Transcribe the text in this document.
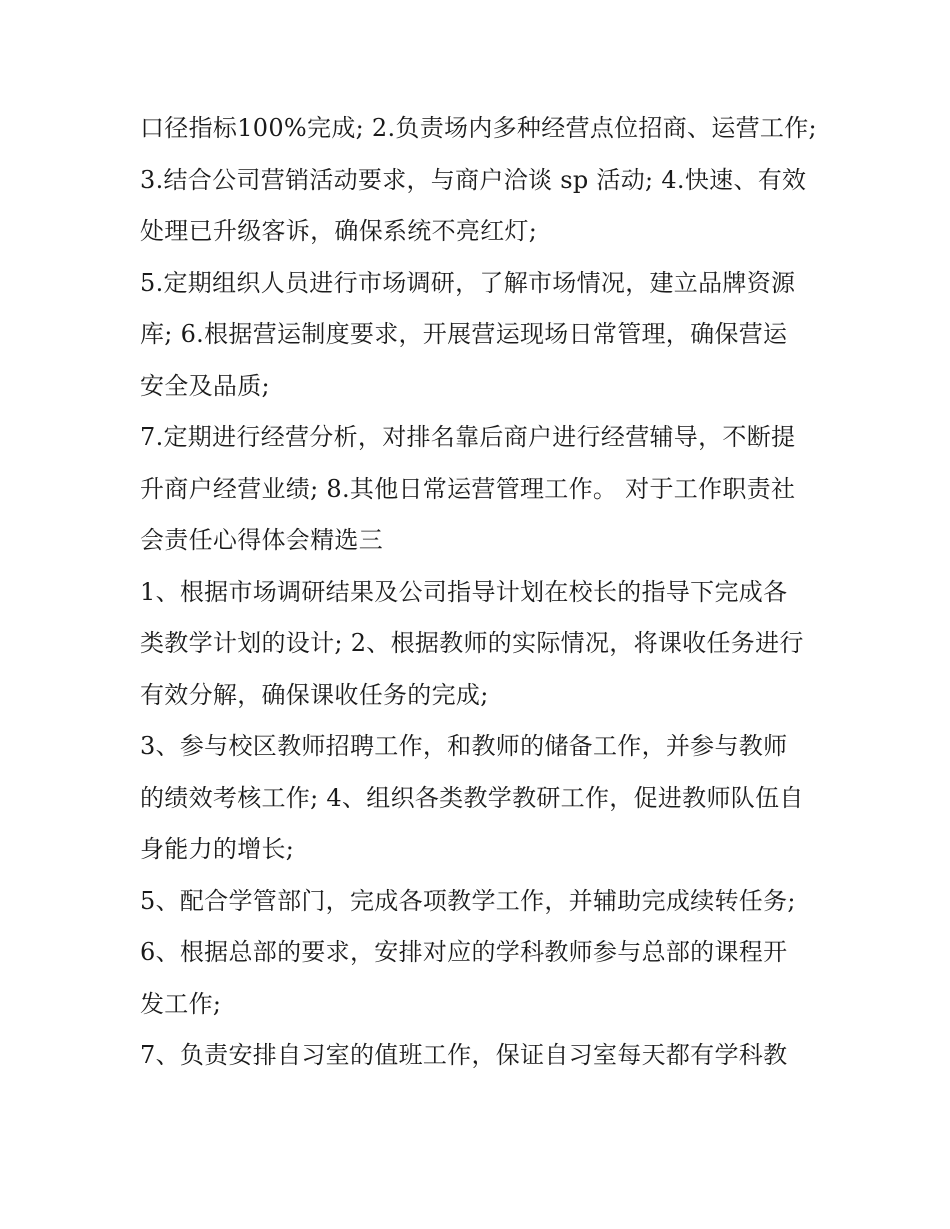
口径指标100%完成; 2.负责场内多种经营点位招商、运营工作;
3.结合公司营销活动要求，与商户洽谈 sp 活动; 4.快速、有效
处理已升级客诉，确保系统不亮红灯;
5.定期组织人员进行市场调研，了解市场情况，建立品牌资源
库; 6.根据营运制度要求，开展营运现场日常管理，确保营运
安全及品质;
7.定期进行经营分析，对排名靠后商户进行经营辅导，不断提
升商户经营业绩; 8.其他日常运营管理工作。 对于工作职责社
会责任心得体会精选三
1、根据市场调研结果及公司指导计划在校长的指导下完成各
类教学计划的设计; 2、根据教师的实际情况，将课收任务进行
有效分解，确保课收任务的完成;
3、参与校区教师招聘工作，和教师的储备工作，并参与教师
的绩效考核工作; 4、组织各类教学教研工作，促进教师队伍自
身能力的增长;
5、配合学管部门，完成各项教学工作，并辅助完成续转任务;
6、根据总部的要求，安排对应的学科教师参与总部的课程开
发工作;
7、负责安排自习室的值班工作，保证自习室每天都有学科教
